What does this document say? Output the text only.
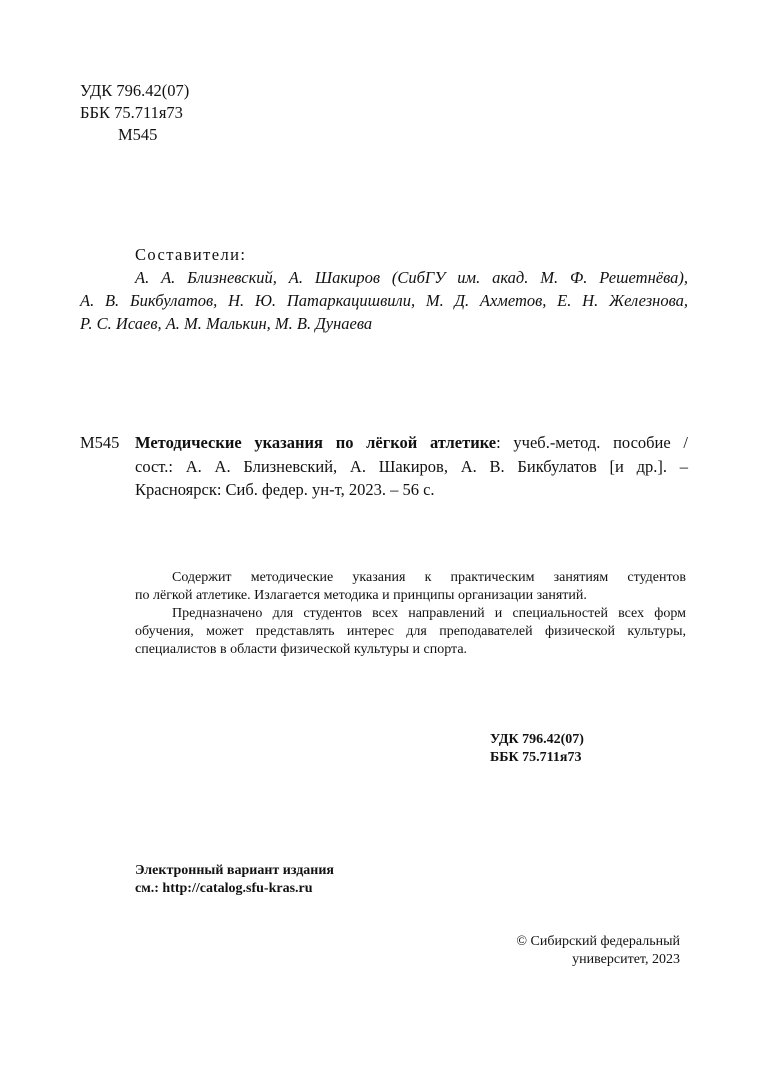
УДК 796.42(07)
ББК 75.711я73
М545
Составители:
А. А. Близневский, А. Шакиров (СибГУ им. акад. М. Ф. Решетнёва),
А. В. Бикбулатов, Н. Ю. Патаркацишвили, М. Д. Ахметов, Е. Н. Железнова,
Р. С. Исаев, А. М. Малькин, М. В. Дунаева
М545 Методические указания по лёгкой атлетике: учеб.-метод. пособие /
сост.: А. А. Близневский, А. Шакиров, А. В. Бикбулатов [и др.]. –
Красноярск: Сиб. федер. ун-т, 2023. – 56 с.
Содержит методические указания к практическим занятиям студентов
по лёгкой атлетике. Излагается методика и принципы организации занятий.
Предназначено для студентов всех направлений и специальностей всех форм
обучения, может представлять интерес для преподавателей физической культуры,
специалистов в области физической культуры и спорта.
УДК 796.42(07)
ББК 75.711я73
Электронный вариант издания
см.: http://catalog.sfu-kras.ru
© Сибирский федеральный
университет, 2023
